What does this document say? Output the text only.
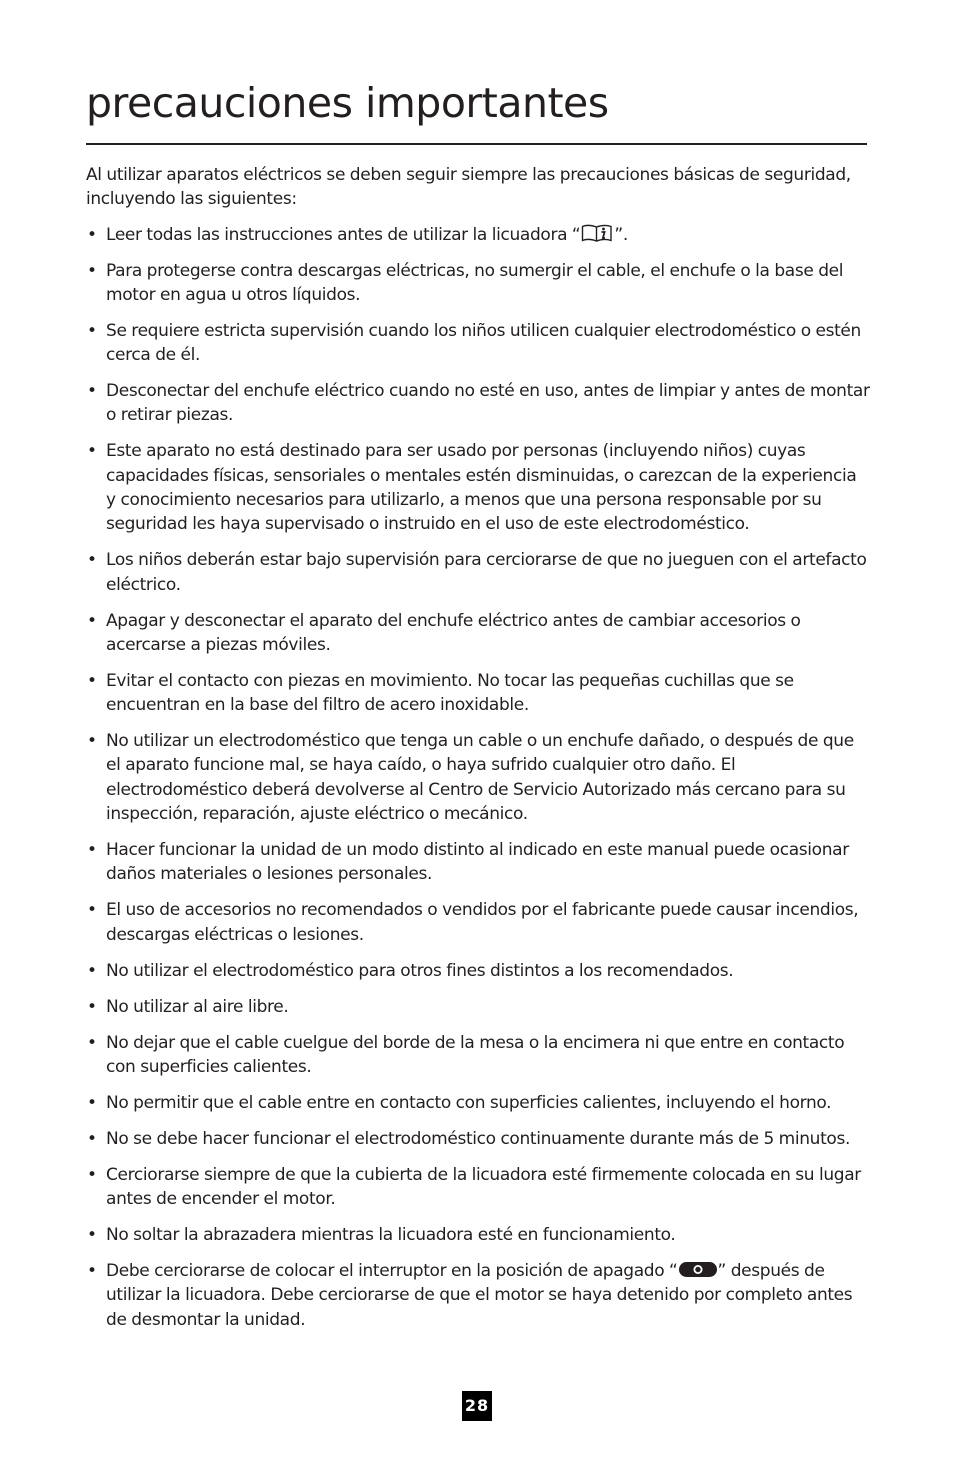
precauciones importantes

Al utilizar aparatos eléctricos se deben seguir siempre las precauciones básicas de seguridad, incluyendo las siguientes:

• Leer todas las instrucciones antes de utilizar la licuadora “ ”.
• Para protegerse contra descargas eléctricas, no sumergir el cable, el enchufe o la base del motor en agua u otros líquidos.
• Se requiere estricta supervisión cuando los niños utilicen cualquier electrodoméstico o estén cerca de él.
• Desconectar del enchufe eléctrico cuando no esté en uso, antes de limpiar y antes de montar o retirar piezas.
• Este aparato no está destinado para ser usado por personas (incluyendo niños) cuyas capacidades físicas, sensoriales o mentales estén disminuidas, o carezcan de la experiencia y conocimiento necesarios para utilizarlo, a menos que una persona responsable por su seguridad les haya supervisado o instruido en el uso de este electrodoméstico.
• Los niños deberán estar bajo supervisión para cerciorarse de que no jueguen con el artefacto eléctrico.
• Apagar y desconectar el aparato del enchufe eléctrico antes de cambiar accesorios o acercarse a piezas móviles.
• Evitar el contacto con piezas en movimiento. No tocar las pequeñas cuchillas que se encuentran en la base del filtro de acero inoxidable.
• No utilizar un electrodoméstico que tenga un cable o un enchufe dañado, o después de que el aparato funcione mal, se haya caído, o haya sufrido cualquier otro daño. El electrodoméstico deberá devolverse al Centro de Servicio Autorizado más cercano para su inspección, reparación, ajuste eléctrico o mecánico.
• Hacer funcionar la unidad de un modo distinto al indicado en este manual puede ocasionar daños materiales o lesiones personales.
• El uso de accesorios no recomendados o vendidos por el fabricante puede causar incendios, descargas eléctricas o lesiones.
• No utilizar el electrodoméstico para otros fines distintos a los recomendados.
• No utilizar al aire libre.
• No dejar que el cable cuelgue del borde de la mesa o la encimera ni que entre en contacto con superficies calientes.
• No permitir que el cable entre en contacto con superficies calientes, incluyendo el horno.
• No se debe hacer funcionar el electrodoméstico continuamente durante más de 5 minutos.
• Cerciorarse siempre de que la cubierta de la licuadora esté firmemente colocada en su lugar antes de encender el motor.
• No soltar la abrazadera mientras la licuadora esté en funcionamiento.
• Debe cerciorarse de colocar el interruptor en la posición de apagado “ ” después de utilizar la licuadora. Debe cerciorarse de que el motor se haya detenido por completo antes de desmontar la unidad.
28
